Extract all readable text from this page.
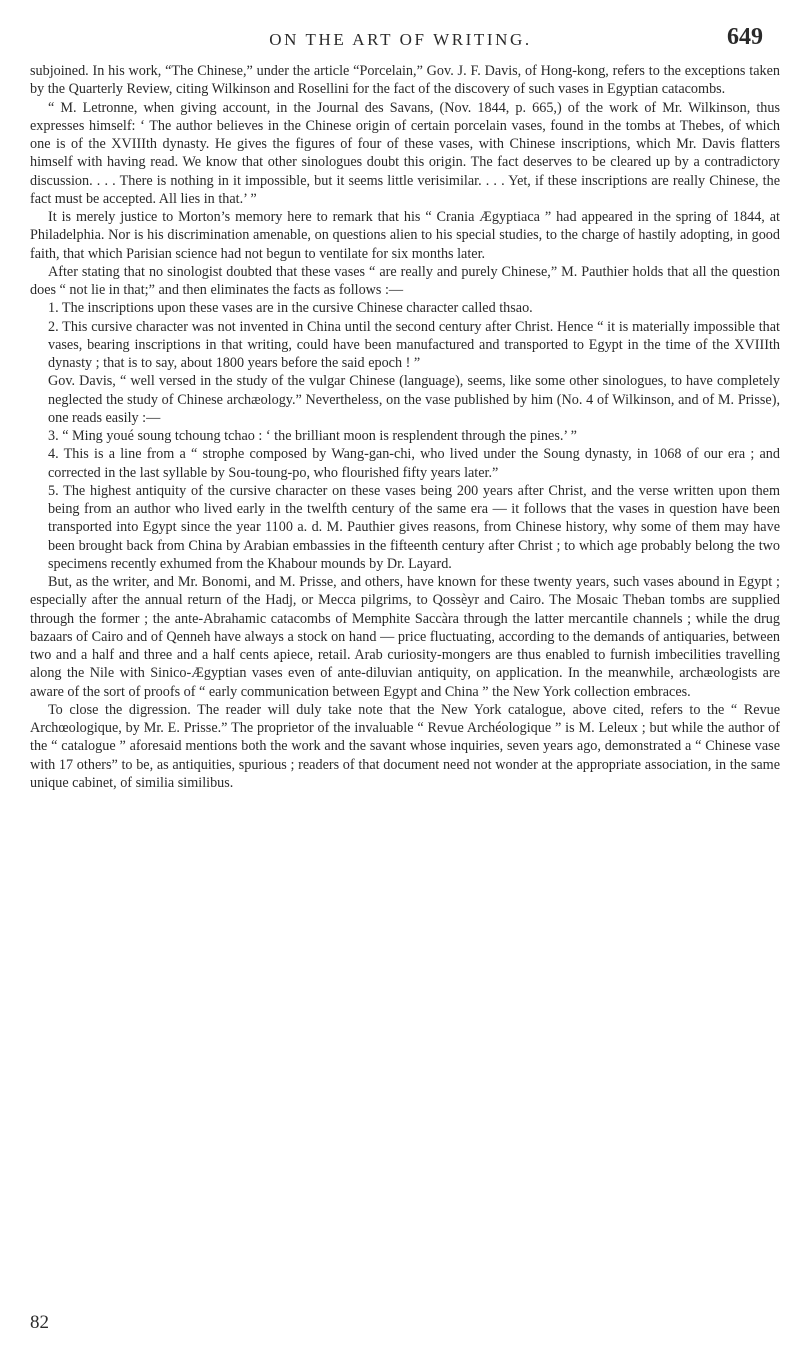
ON THE ART OF WRITING.	649

subjoined. In his work, “The Chinese,” under the article “Porcelain,” Gov. J. F. Davis, of Hong-kong, refers to the exceptions taken by the Quarterly Review, citing Wilkinson and Rosellini for the fact of the discovery of such vases in Egyptian catacombs.

“ M. Letronne, when giving account, in the Journal des Savans, (Nov. 1844, p. 665,) of the work of Mr. Wilkinson, thus expresses himself: ‘ The author believes in the Chinese origin of certain porcelain vases, found in the tombs at Thebes, of which one is of the XVIIIth dynasty. He gives the figures of four of these vases, with Chinese inscriptions, which Mr. Davis flatters himself with having read. We know that other sinologues doubt this origin. The fact deserves to be cleared up by a contradictory discussion. . . . There is nothing in it impossible, but it seems little verisimilar. . . . Yet, if these inscriptions are really Chinese, the fact must be accepted. All lies in that.’ ”

It is merely justice to Morton’s memory here to remark that his “ Crania Ægyptiaca ” had appeared in the spring of 1844, at Philadelphia. Nor is his discrimination amenable, on questions alien to his special studies, to the charge of hastily adopting, in good faith, that which Parisian science had not begun to ventilate for six months later.

After stating that no sinologist doubted that these vases “ are really and purely Chinese,” M. Pauthier holds that all the question does “ not lie in that;” and then eliminates the facts as follows :—

1. The inscriptions upon these vases are in the cursive Chinese character called thsao.

2. This cursive character was not invented in China until the second century after Christ. Hence “ it is materially impossible that vases, bearing inscriptions in that writing, could have been manufactured and transported to Egypt in the time of the XVIIIth dynasty ; that is to say, about 1800 years before the said epoch ! ”

Gov. Davis, “ well versed in the study of the vulgar Chinese (language), seems, like some other sinologues, to have completely neglected the study of Chinese archæology.” Nevertheless, on the vase published by him (No. 4 of Wilkinson, and of M. Prisse), one reads easily :—

3. “ Ming youé soung tchoung tchao : ‘ the brilliant moon is resplendent through the pines.’ ”

4. This is a line from a “ strophe composed by Wang-gan-chi, who lived under the Soung dynasty, in 1068 of our era ; and corrected in the last syllable by Sou-toung-po, who flourished fifty years later.”

5. The highest antiquity of the cursive character on these vases being 200 years after Christ, and the verse written upon them being from an author who lived early in the twelfth century of the same era — it follows that the vases in question have been transported into Egypt since the year 1100 a. d. M. Pauthier gives reasons, from Chinese history, why some of them may have been brought back from China by Arabian embassies in the fifteenth century after Christ ; to which age probably belong the two specimens recently exhumed from the Khabour mounds by Dr. Layard.

But, as the writer, and Mr. Bonomi, and M. Prisse, and others, have known for these twenty years, such vases abound in Egypt ; especially after the annual return of the Hadj, or Mecca pilgrims, to Qossèyr and Cairo. The Mosaic Theban tombs are supplied through the former ; the ante-Abrahamic catacombs of Memphite Saccàra through the latter mercantile channels ; while the drug bazaars of Cairo and of Qenneh have always a stock on hand — price fluctuating, according to the demands of antiquaries, between two and a half and three and a half cents apiece, retail. Arab curiosity-mongers are thus enabled to furnish imbecilities travelling along the Nile with Sinico-Ægyptian vases even of ante-diluvian antiquity, on application. In the meanwhile, archæologists are aware of the sort of proofs of “ early communication between Egypt and China ” the New York collection embraces.

To close the digression. The reader will duly take note that the New York catalogue, above cited, refers to the “ Revue Archœologique, by Mr. E. Prisse.” The proprietor of the invaluable “ Revue Archéologique ” is M. Leleux ; but while the author of the “ catalogue ” aforesaid mentions both the work and the savant whose inquiries, seven years ago, demonstrated a “ Chinese vase with 17 others” to be, as antiquities, spurious ; readers of that document need not wonder at the appropriate association, in the same unique cabinet, of similia similibus.

82
